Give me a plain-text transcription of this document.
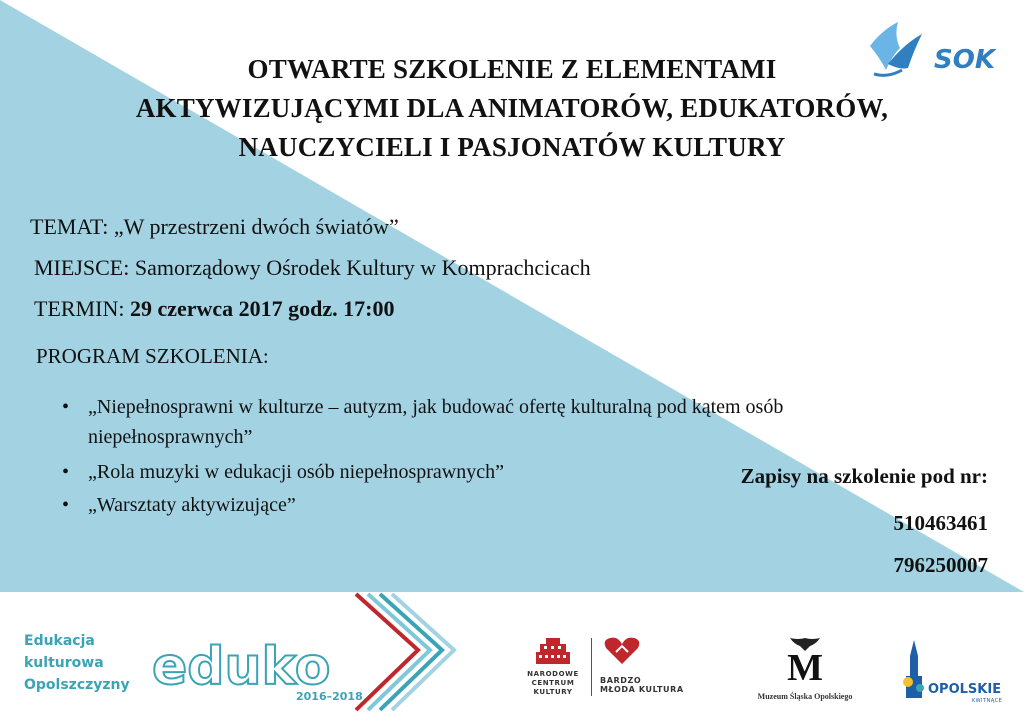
SOK
OTWARTE SZKOLENIE Z ELEMENTAMI
AKTYWIZUJĄCYMI DLA ANIMATORÓW, EDUKATORÓW,
NAUCZYCIELI I PASJONATÓW KULTURY
TEMAT: „W przestrzeni dwóch światów”
MIEJSCE: Samorządowy Ośrodek Kultury w Komprachcicach
TERMIN: 29 czerwca 2017 godz. 17:00
PROGRAM SZKOLENIA:
• „Niepełnosprawni w kulturze – autyzm, jak budować ofertę kulturalną pod kątem osób
niepełnosprawnych”
• „Rola muzyki w edukacji osób niepełnosprawnych”
• „Warsztaty aktywizujące”
Zapisy na szkolenie pod nr:
510463461
796250007
Edukacja
kulturowa
Opolszczyzny eduko
2016–2018
NARODOWE
CENTRUM
KULTURY
BARDZO
MŁODA KULTURA
M
Muzeum Śląska Opolskiego	OPOLSKIE
KWITNĄCE
